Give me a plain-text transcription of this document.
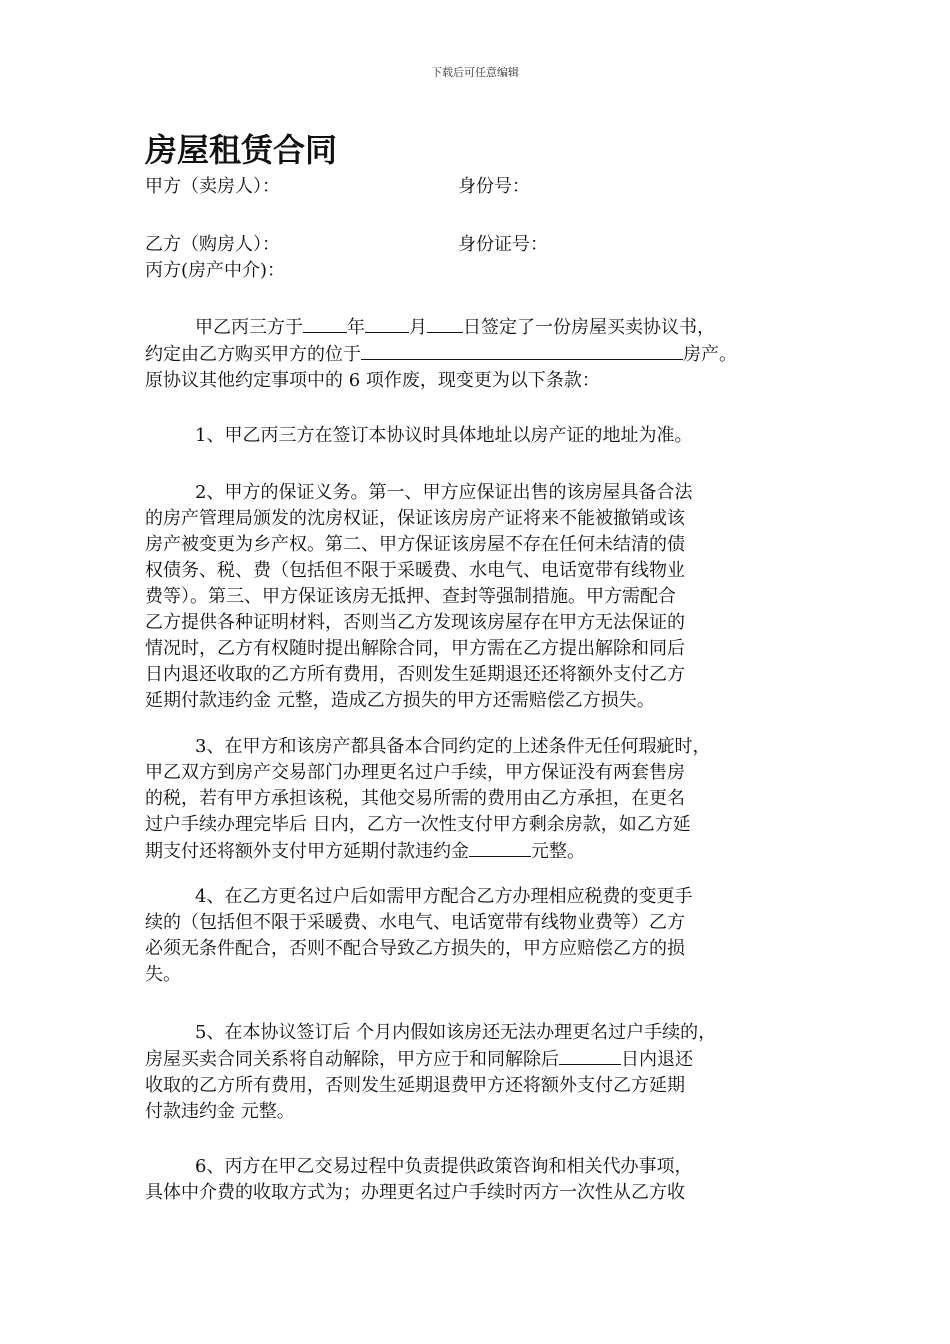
下载后可任意编辑
房屋租赁合同
甲方（卖房人）：	身份号：
乙方（购房人）：	身份证号：
丙方(房产中介)：

甲乙丙三方于 年 月 日签定了一份房屋买卖协议书，

约定由乙方购买甲方的位于	房产。

原协议其他约定事项中的 6 项作废，现变更为以下条款：

1、甲乙丙三方在签订本协议时具体地址以房产证的地址为准。

2、甲方的保证义务。第一、甲方应保证出售的该房屋具备合法

的房产管理局颁发的沈房权证，保证该房房产证将来不能被撤销或该

房产被变更为乡产权。第二、甲方保证该房屋不存在任何未结清的债

权债务、税、费（包括但不限于采暖费、水电气、电话宽带有线物业

费等）。第三、甲方保证该房无抵押、查封等强制措施。甲方需配合

乙方提供各种证明材料，否则当乙方发现该房屋存在甲方无法保证的

情况时，乙方有权随时提出解除合同，甲方需在乙方提出解除和同后

日内退还收取的乙方所有费用，否则发生延期退还还将额外支付乙方

延期付款违约金 元整，造成乙方损失的甲方还需赔偿乙方损失。

3、在甲方和该房产都具备本合同约定的上述条件无任何瑕疵时，

甲乙双方到房产交易部门办理更名过户手续，甲方保证没有两套售房

的税，若有甲方承担该税，其他交易所需的费用由乙方承担，在更名

过户手续办理完毕后 日内，乙方一次性支付甲方剩余房款，如乙方延

期支付还将额外支付甲方延期付款违约金	元整。

4、在乙方更名过户后如需甲方配合乙方办理相应税费的变更手

续的（包括但不限于采暖费、水电气、电话宽带有线物业费等）乙方

必须无条件配合，否则不配合导致乙方损失的，甲方应赔偿乙方的损

失。

5、在本协议签订后 个月内假如该房还无法办理更名过户手续的，

房屋买卖合同关系将自动解除，甲方应于和同解除后	日内退还

收取的乙方所有费用，否则发生延期退费甲方还将额外支付乙方延期

付款违约金 元整。

6、丙方在甲乙交易过程中负责提供政策咨询和相关代办事项，

具体中介费的收取方式为；办理更名过户手续时丙方一次性从乙方收
